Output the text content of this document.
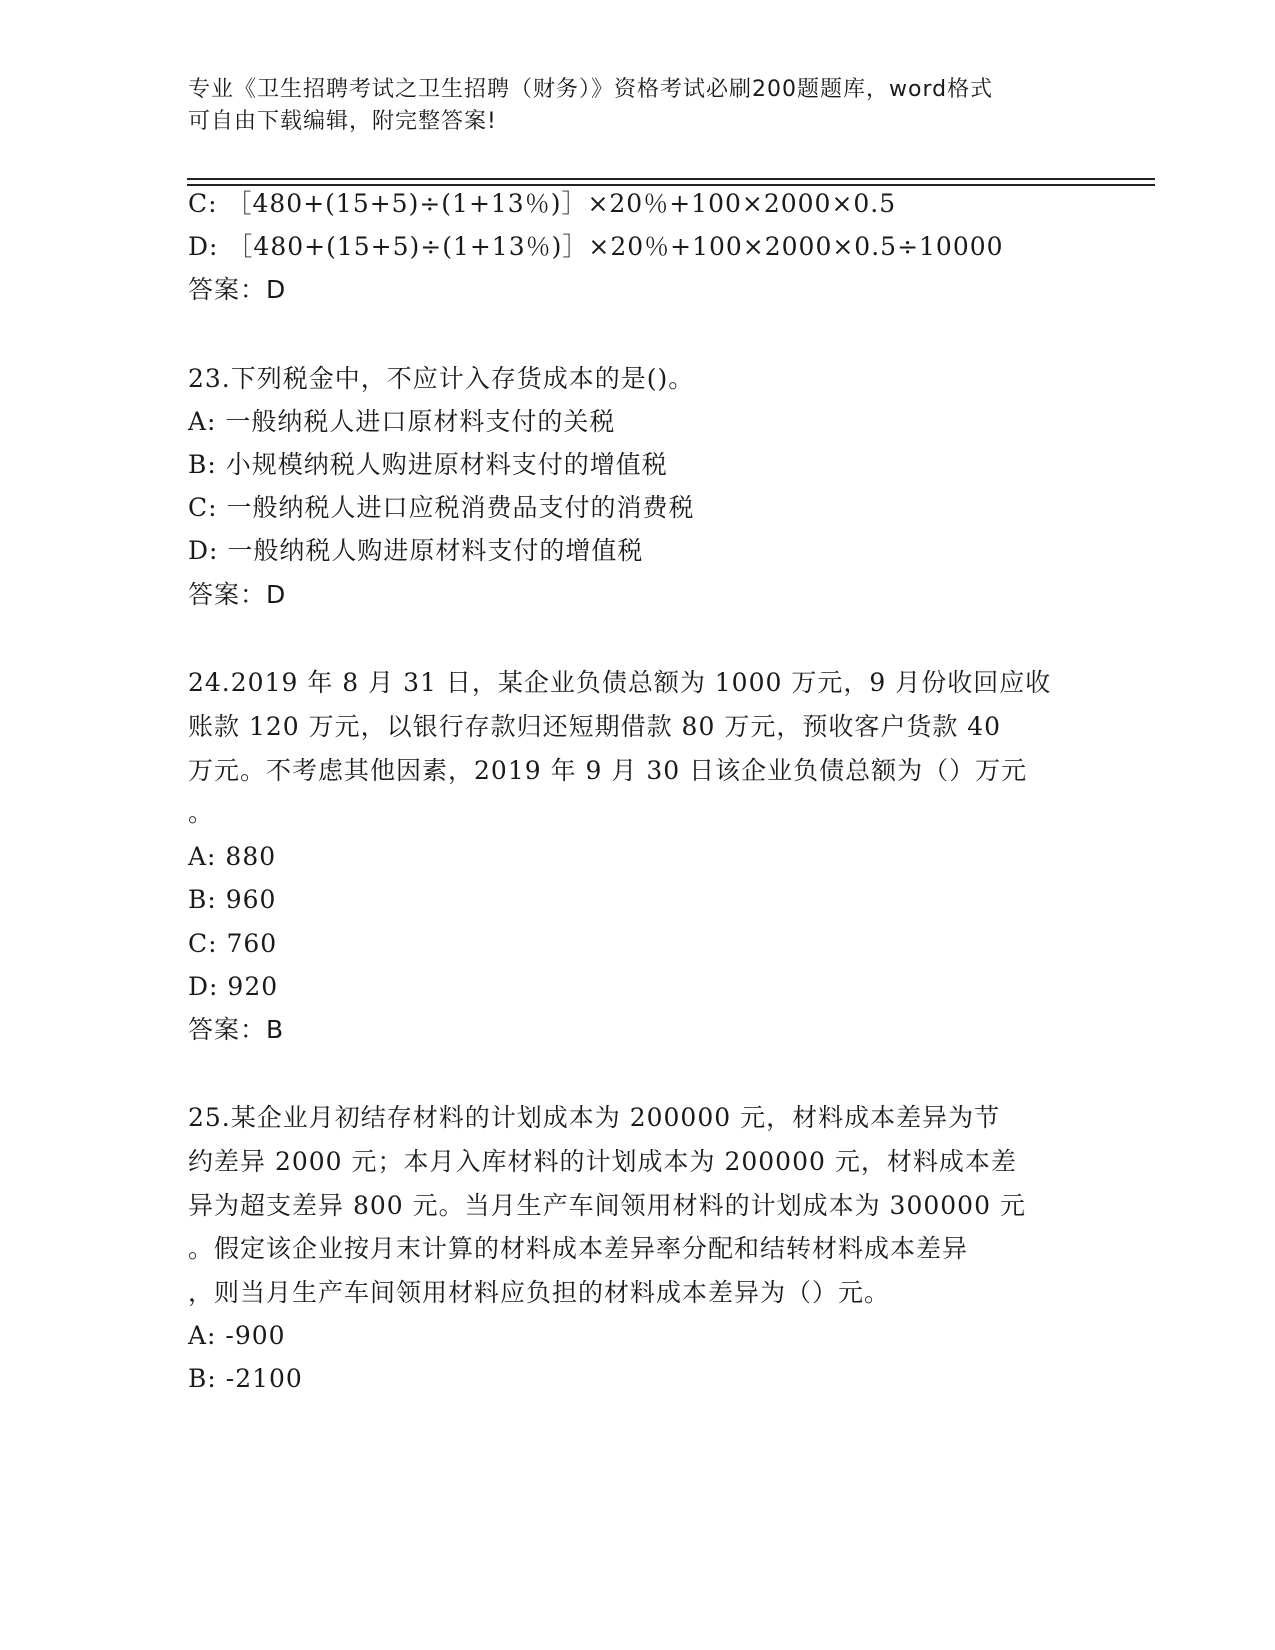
专业《卫生招聘考试之卫生招聘（财务）》资格考试必刷200题题库，word格式
可自由下载编辑，附完整答案!
C: ［480+(15+5)÷(1+13％)］×20％+100×2000×0.5
D: ［480+(15+5)÷(1+13％)］×20％+100×2000×0.5÷10000
答案：D
23.下列税金中，不应计入存货成本的是()。
A: 一般纳税人进口原材料支付的关税
B: 小规模纳税人购进原材料支付的增值税
C: 一般纳税人进口应税消费品支付的消费税
D: 一般纳税人购进原材料支付的增值税
答案：D
24.2019 年 8 月 31 日，某企业负债总额为 1000 万元，9 月份收回应收
账款 120 万元，以银行存款归还短期借款 80 万元，预收客户货款 40
万元。不考虑其他因素，2019 年 9 月 30 日该企业负债总额为（）万元
。
A: 880
B: 960
C: 760
D: 920
答案：B
25.某企业月初结存材料的计划成本为 200000 元，材料成本差异为节
约差异 2000 元；本月入库材料的计划成本为 200000 元，材料成本差
异为超支差异 800 元。当月生产车间领用材料的计划成本为 300000 元
。假定该企业按月末计算的材料成本差异率分配和结转材料成本差异
，则当月生产车间领用材料应负担的材料成本差异为（）元。
A: -900
B: -2100
